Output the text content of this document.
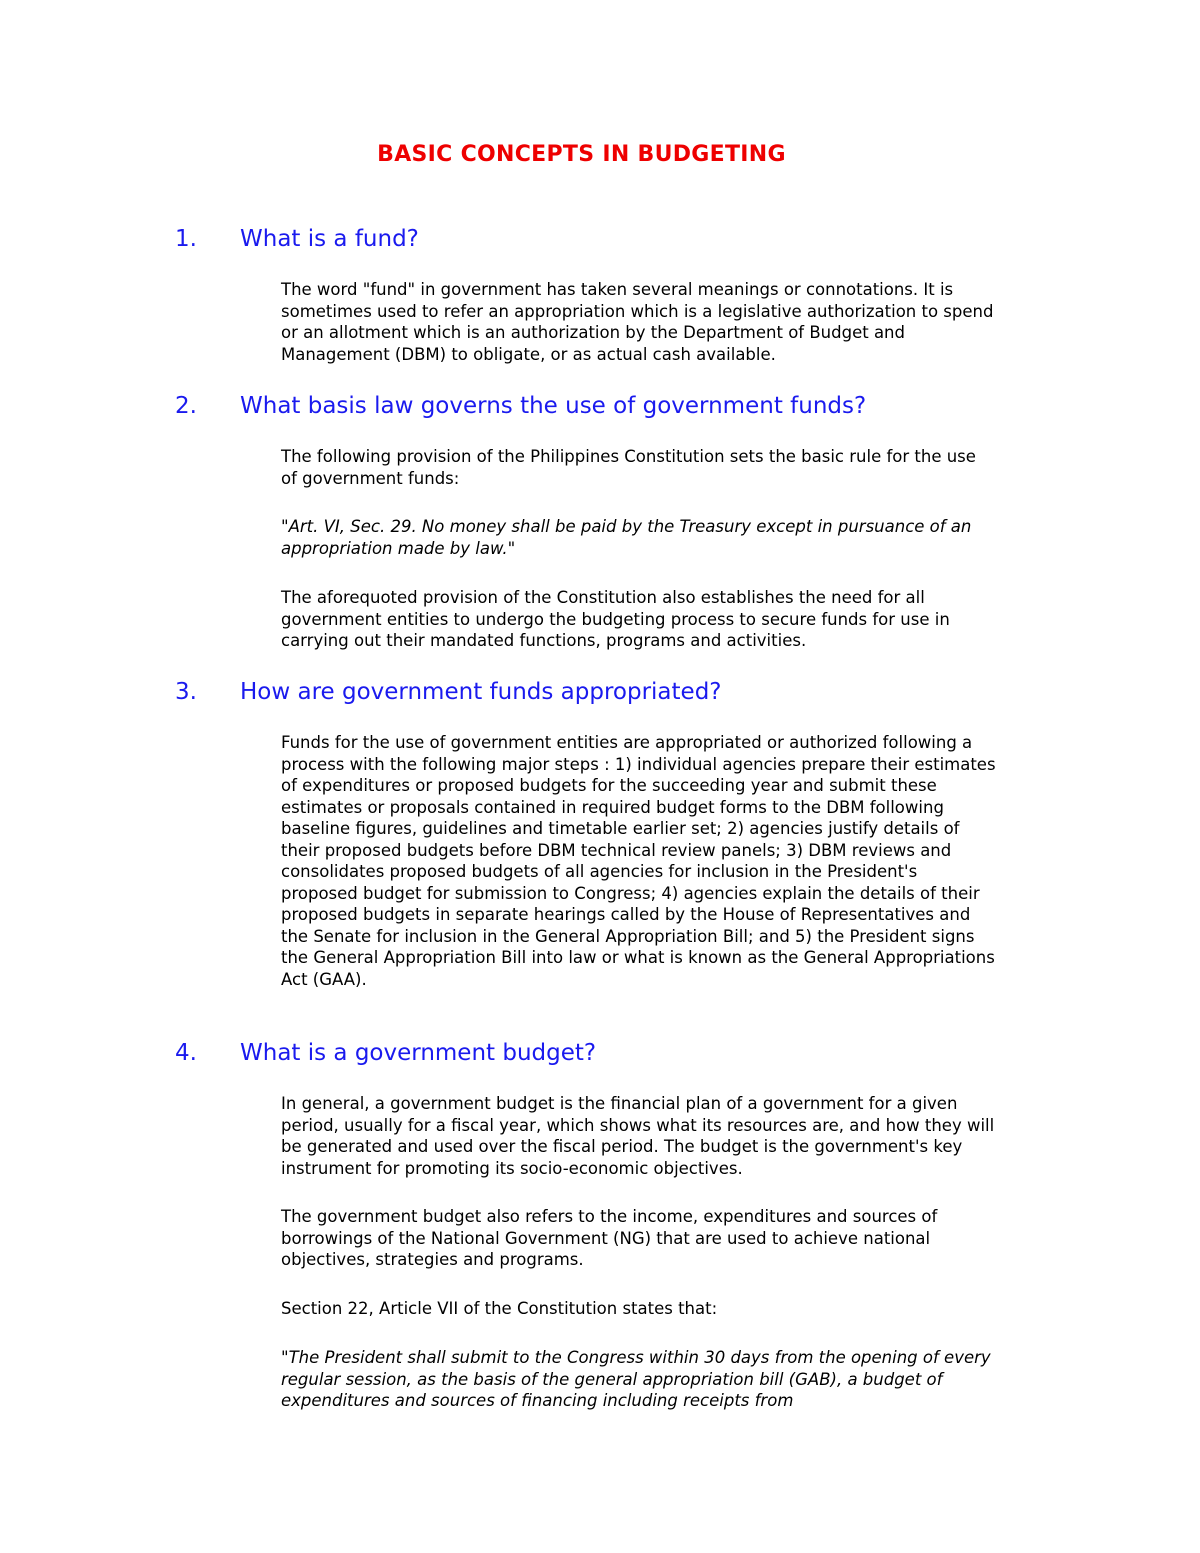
BASIC CONCEPTS IN BUDGETING
1. What is a fund?

The word "fund" in government has taken several meanings or connotations. It is sometimes used to refer an appropriation which is a legislative authorization to spend or an allotment which is an authorization by the Department of Budget and Management (DBM) to obligate, or as actual cash available.

2. What basis law governs the use of government funds?

The following provision of the Philippines Constitution sets the basic rule for the use of government funds:

"Art. VI, Sec. 29. No money shall be paid by the Treasury except in pursuance of an appropriation made by law."

The aforequoted provision of the Constitution also establishes the need for all government entities to undergo the budgeting process to secure funds for use in carrying out their mandated functions, programs and activities.

3. How are government funds appropriated?

Funds for the use of government entities are appropriated or authorized following a process with the following major steps : 1) individual agencies prepare their estimates of expenditures or proposed budgets for the succeeding year and submit these estimates or proposals contained in required budget forms to the DBM following baseline figures, guidelines and timetable earlier set; 2) agencies justify details of their proposed budgets before DBM technical review panels; 3) DBM reviews and consolidates proposed budgets of all agencies for inclusion in the President's proposed budget for submission to Congress; 4) agencies explain the details of their proposed budgets in separate hearings called by the House of Representatives and the Senate for inclusion in the General Appropriation Bill; and 5) the President signs the General Appropriation Bill into law or what is known as the General Appropriations Act (GAA).

4. What is a government budget?

In general, a government budget is the financial plan of a government for a given period, usually for a fiscal year, which shows what its resources are, and how they will be generated and used over the fiscal period. The budget is the government's key instrument for promoting its socio-economic objectives.

The government budget also refers to the income, expenditures and sources of borrowings of the National Government (NG) that are used to achieve national objectives, strategies and programs.

Section 22, Article VII of the Constitution states that:

"The President shall submit to the Congress within 30 days from the opening of every regular session, as the basis of the general appropriation bill (GAB), a budget of expenditures and sources of financing including receipts from
